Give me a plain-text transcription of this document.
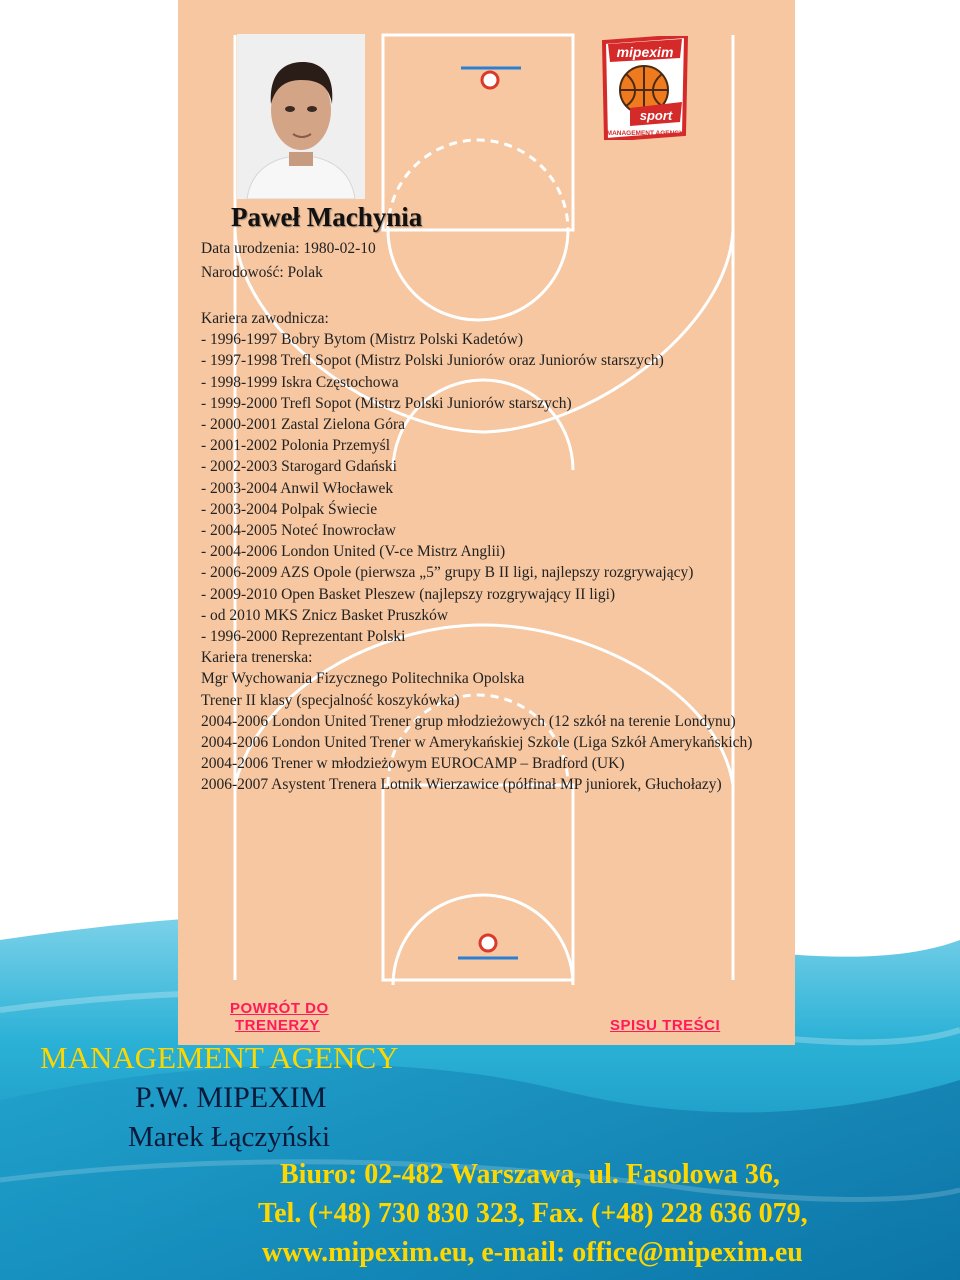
mipexim
sport
MANAGEMENT AGENCY
Paweł Machynia
Data urodzenia: 1980-02-10
Narodowość: Polak
Kariera zawodnicza:
- 1996-1997 Bobry Bytom (Mistrz Polski Kadetów)
- 1997-1998 Trefl Sopot (Mistrz Polski Juniorów oraz Juniorów starszych)
- 1998-1999 Iskra Częstochowa
- 1999-2000 Trefl Sopot (Mistrz Polski Juniorów starszych)
- 2000-2001 Zastal Zielona Góra
- 2001-2002 Polonia Przemyśl
- 2002-2003 Starogard Gdański
- 2003-2004 Anwil Włocławek
- 2003-2004 Polpak Świecie
- 2004-2005 Noteć Inowrocław
- 2004-2006 London United (V-ce Mistrz Anglii)
- 2006-2009 AZS Opole (pierwsza „5” grupy B II ligi, najlepszy rozgrywający)
- 2009-2010 Open Basket Pleszew (najlepszy rozgrywający II ligi)
- od 2010 MKS Znicz Basket Pruszków
- 1996-2000 Reprezentant Polski
Kariera trenerska:
Mgr Wychowania Fizycznego Politechnika Opolska
Trener II klasy (specjalność koszykówka)
2004-2006 London United Trener grup młodzieżowych (12 szkół na terenie Londynu)
2004-2006 London United Trener w Amerykańskiej Szkole (Liga Szkół Amerykańskich)
2004-2006 Trener w młodzieżowym EUROCAMP – Bradford (UK)
2006-2007 Asystent Trenera Lotnik Wierzawice (półfinał MP juniorek, Głuchołazy)
POWRÓT DO
TRENERZY	SPISU TREŚCI
MANAGEMENT AGENCY
P.W. MIPEXIM
Marek Łączyński
Biuro: 02-482 Warszawa, ul. Fasolowa 36,
Tel. (+48) 730 830 323, Fax. (+48) 228 636 079,
www.mipexim.eu, e-mail: office@mipexim.eu
